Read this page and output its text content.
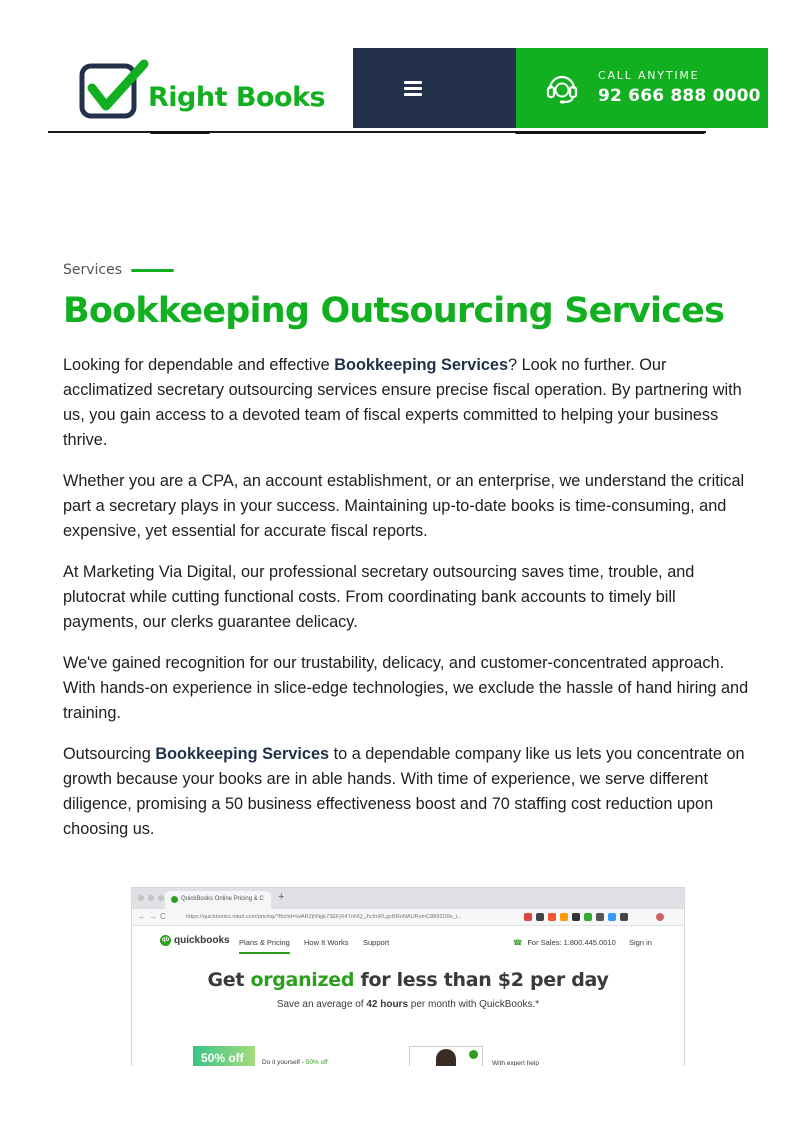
Right Books
CALL ANYTIME
92 666 888 0000
Services
Bookkeeping Outsourcing Services

Looking for dependable and effective Bookkeeping Services? Look no further. Our acclimatized secretary outsourcing services ensure precise fiscal operation. By partnering with us, you gain access to a devoted team of fiscal experts committed to helping your business thrive.

Whether you are a CPA, an account establishment, or an enterprise, we understand the critical part a secretary plays in your success. Maintaining up-to-date books is time-consuming, and expensive, yet essential for accurate fiscal reports.

At Marketing Via Digital, our professional secretary outsourcing saves time, trouble, and plutocrat while cutting functional costs. From coordinating bank accounts to timely bill payments, our clerks guarantee delicacy.

We've gained recognition for our trustability, delicacy, and customer-concentrated approach. With hands-on experience in slice-edge technologies, we exclude the hassle of hand hiring and training.

Outsourcing Bookkeeping Services to a dependable company like us lets you concentrate on growth because your books are in able hands. With time of experience, we serve different diligence, promising a 50 business effectiveness boost and 70 staffing cost reduction upon choosing us.

QuickBooks Online Pricing & C	+
←→C	https://quickbooks.intuit.com/pricing/?fbclid=IwAR2jhNgk73EFjX4TnNQ_J\cfmRLgcBRoNAURsmC8892D9s_i...
qb quickbooks Plans & Pricing How It Works Support
☎	For Sales: 1.800.445.0010 Sign in
Get organized for less than $2 per day
Save an average of 42 hours per month with QuickBooks.*
50% off	Do it yourself - 50% off	With expert help
